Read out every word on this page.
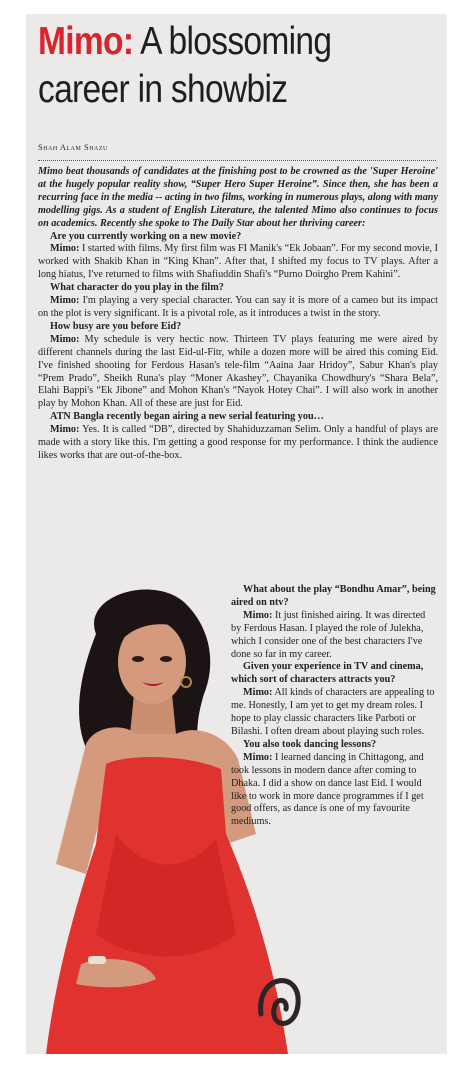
Mimo: A blossoming
career in showbiz
Shah Alam Shazu

Mimo beat thousands of candidates at the finishing post to be crowned as the 'Super Heroine' at the hugely popular reality show, “Super Hero Super Heroine”. Since then, she has been a recurring face in the media -- acting in two films, working in numerous plays, along with many modelling gigs. As a student of English Literature, the talented Mimo also continues to focus on academics. Recently she spoke to The Daily Star about her thriving career:

Are you currently working on a new movie?

Mimo: I started with films. My first film was FI Manik's “Ek Jobaan”. For my second movie, I worked with Shakib Khan in “King Khan”. After that, I shifted my focus to TV plays. After a long hiatus, I've returned to films with Shafiuddin Shafi's “Purno Doirgho Prem Kahini”.

What character do you play in the film?

Mimo: I'm playing a very special character. You can say it is more of a cameo but its impact on the plot is very significant. It is a pivotal role, as it introduces a twist in the story.

How busy are you before Eid?

Mimo: My schedule is very hectic now. Thirteen TV plays featuring me were aired by different channels during the last Eid-ul-Fitr, while a dozen more will be aired this coming Eid. I've finished shooting for Ferdous Hasan's tele-film “Aaina Jaar Hridoy”, Sabur Khan's play “Prem Prado”, Sheikh Runa's play “Moner Akashey”, Chayanika Chowdhury's “Shara Bela”, Elahi Bappi's “Ek Jibone” and Mohon Khan's “Nayok Hotey Chai”. I will also work in another play by Mohon Khan. All of these are just for Eid.

ATN Bangla recently began airing a new serial featuring you…

Mimo: Yes. It is called “DB”, directed by Shahiduzzaman Selim. Only a handful of plays are made with a story like this. I'm getting a good response for my performance. I think the audience likes works that are out-of-the-box.

What about the play “Bondhu Amar”, being aired on ntv?

Mimo: It just finished airing. It was directed by Ferdous Hasan. I played the role of Julekha, which I consider one of the best characters I've done so far in my career.

Given your experience in TV and cinema, which sort of characters attracts you?

Mimo: All kinds of characters are appealing to me. Honestly, I am yet to get my dream roles. I hope to play classic characters like Parboti or Bilashi. I often dream about playing such roles.

You also took dancing lessons?

Mimo: I learned dancing in Chittagong, and took lessons in modern dance after coming to Dhaka. I did a show on dance last Eid. I would like to work in more dance programmes if I get good offers, as dance is one of my favourite mediums.
